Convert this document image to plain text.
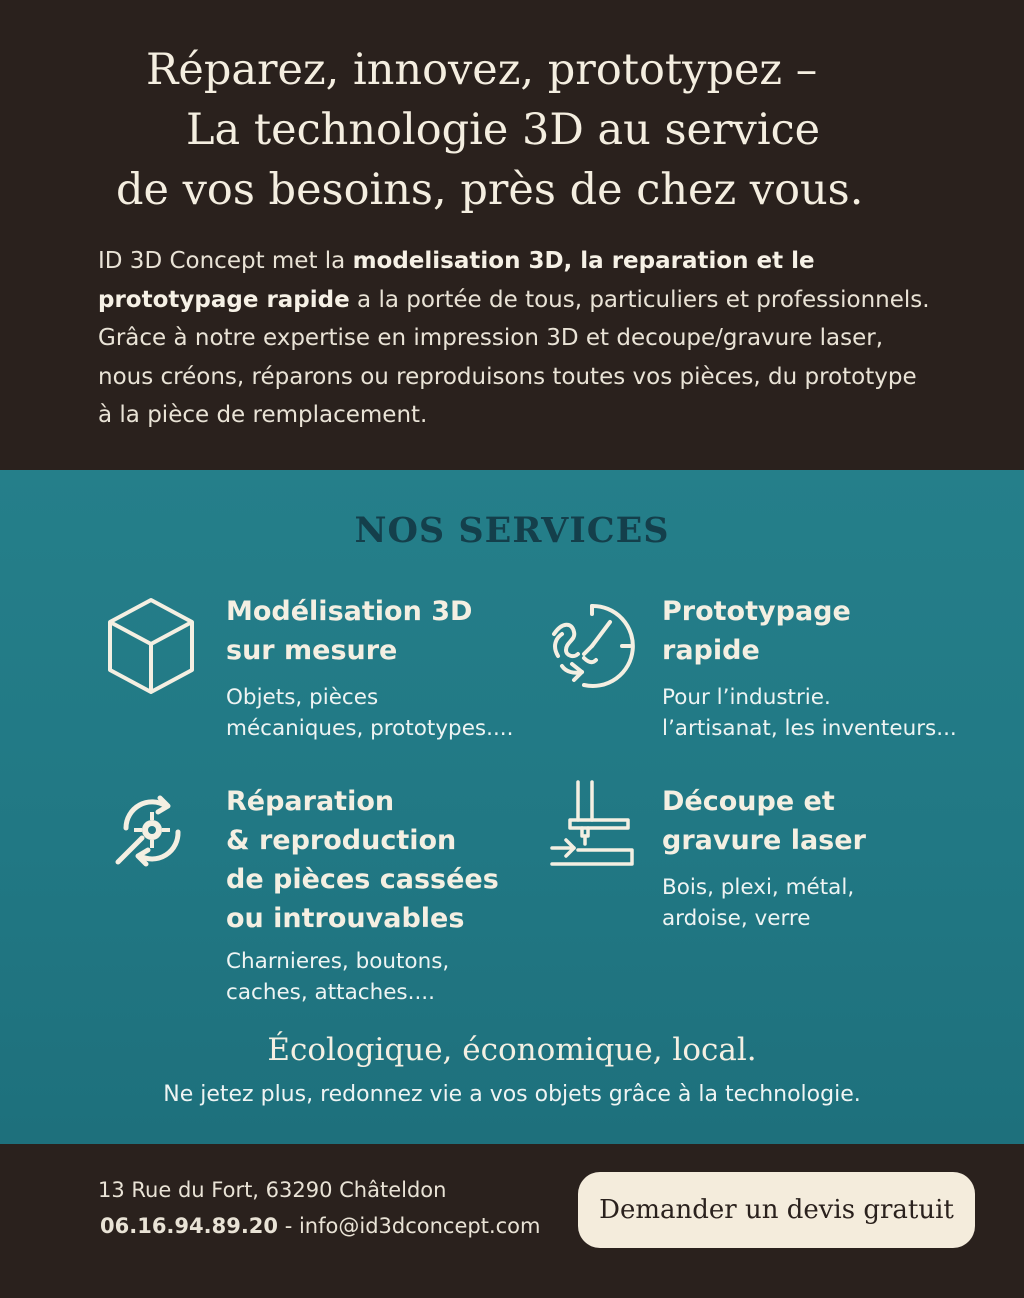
Réparez, innovez, prototypez –
La technologie 3D au service
de vos besoins, près de chez vous.

ID 3D Concept met la modelisation 3D, la reparation et le prototypage rapide a la portée de tous, particuliers et professionnels. Grâce à notre expertise en impression 3D et decoupe/gravure laser, nous créons, réparons ou reproduisons toutes vos pièces, du prototype à la pièce de remplacement.

NOS SERVICES
Modélisation 3D
sur mesure

Objets, pièces
mécaniques, prototypes....

Prototypage
rapide

Pour l’industrie.
l’artisanat, les inventeurs...

Réparation
& reproduction
de pièces cassées
ou introuvables

Charnieres, boutons,
caches, attaches....

Découpe et
gravure laser

Bois, plexi, métal,
ardoise, verre

Écologique, économique, local.

Ne jetez plus, redonnez vie a vos objets grâce à la technologie.

13 Rue du Fort, 63290 Châteldon

06.16.94.89.20 - info@id3dconcept.com

Demander un devis gratuit
